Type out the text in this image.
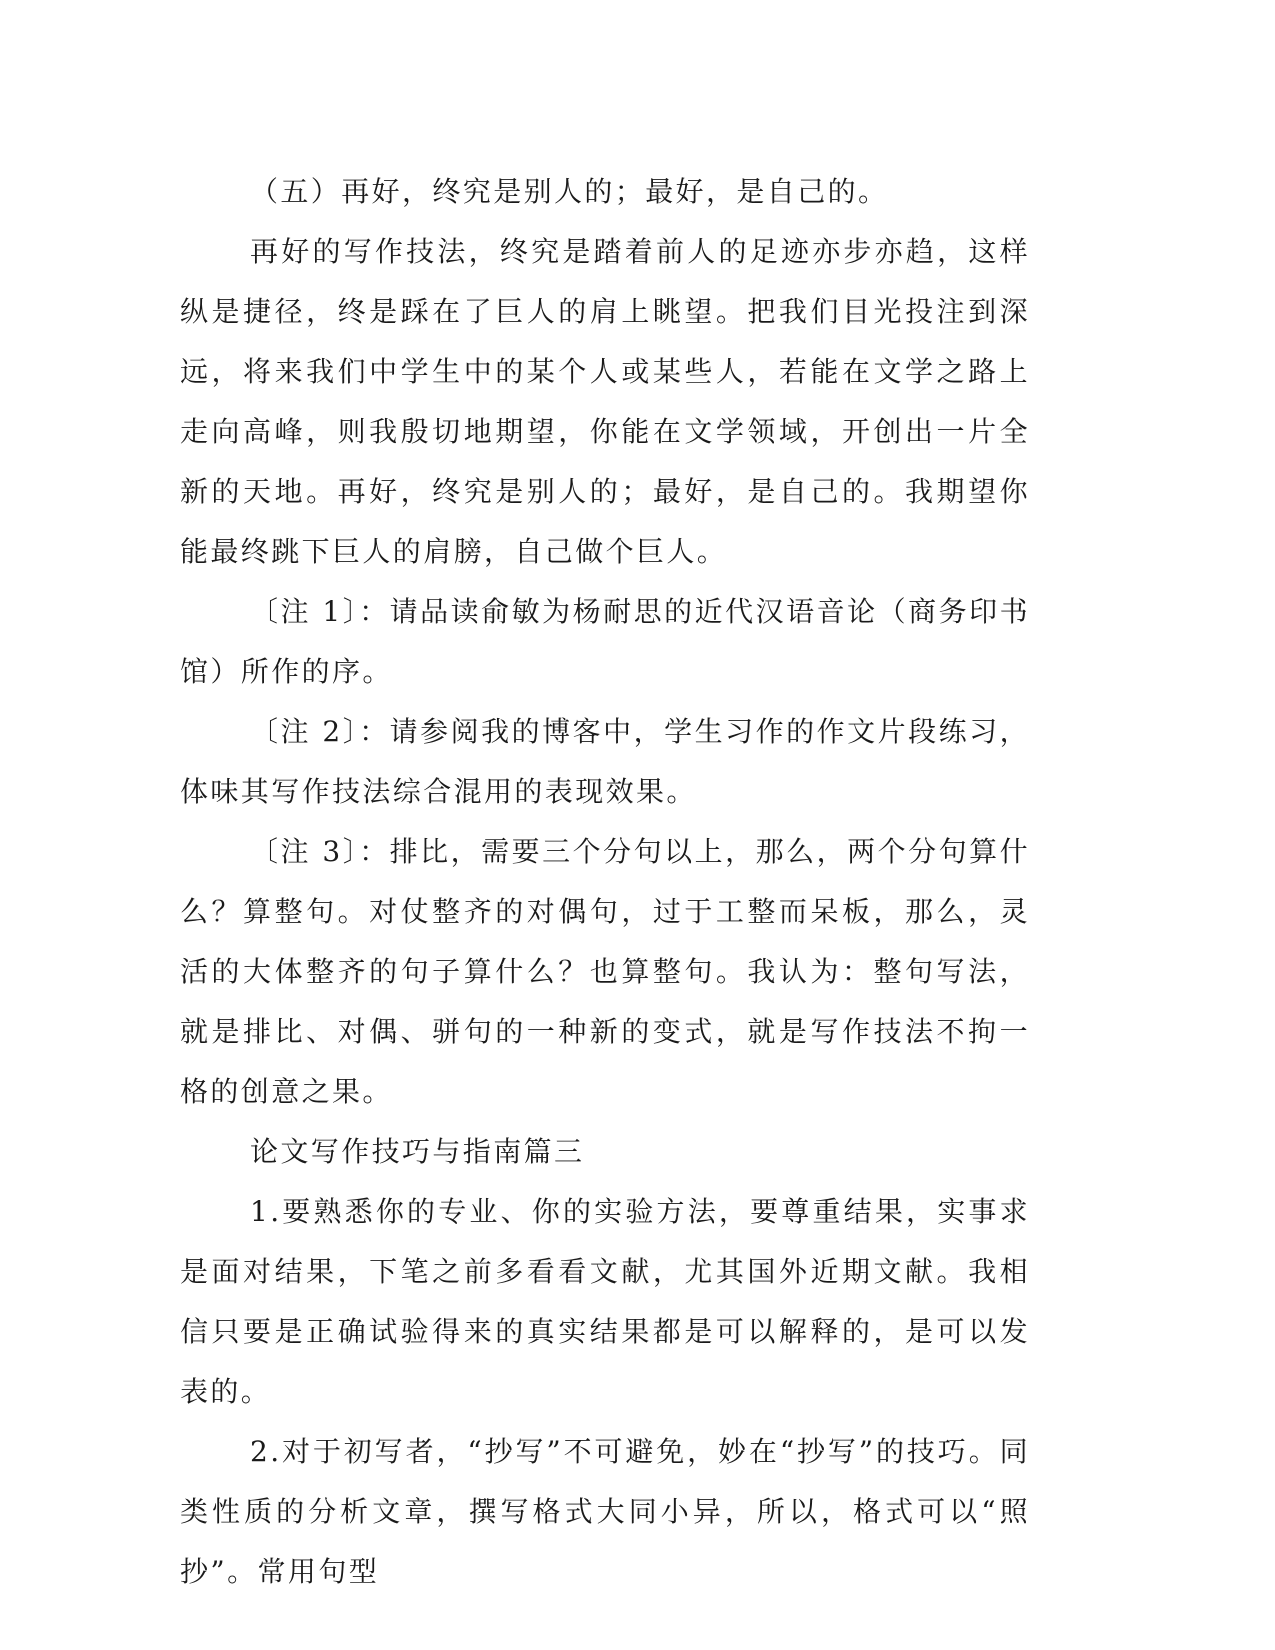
（五）再好，终究是别人的；最好，是自己的。

再好的写作技法，终究是踏着前人的足迹亦步亦趋，这样纵是捷径，终是踩在了巨人的肩上眺望。把我们目光投注到深远，将来我们中学生中的某个人或某些人，若能在文学之路上走向高峰，则我殷切地期望，你能在文学领域，开创出一片全新的天地。再好，终究是别人的；最好，是自己的。我期望你能最终跳下巨人的肩膀，自己做个巨人。

〔注 1〕：请品读俞敏为杨耐思的近代汉语音论（商务印书馆）所作的序。

〔注 2〕：请参阅我的博客中，学生习作的作文片段练习，体味其写作技法综合混用的表现效果。

〔注 3〕：排比，需要三个分句以上，那么，两个分句算什么？算整句。对仗整齐的对偶句，过于工整而呆板，那么，灵活的大体整齐的句子算什么？也算整句。我认为：整句写法，就是排比、对偶、骈句的一种新的变式，就是写作技法不拘一格的创意之果。

论文写作技巧与指南篇三

1.要熟悉你的专业、你的实验方法，要尊重结果，实事求是面对结果，下笔之前多看看文献，尤其国外近期文献。我相信只要是正确试验得来的真实结果都是可以解释的，是可以发表的。

2.对于初写者，“抄写”不可避免，妙在“抄写”的技巧。同类性质的分析文章，撰写格式大同小异，所以，格式可以“照抄”。常用句型
